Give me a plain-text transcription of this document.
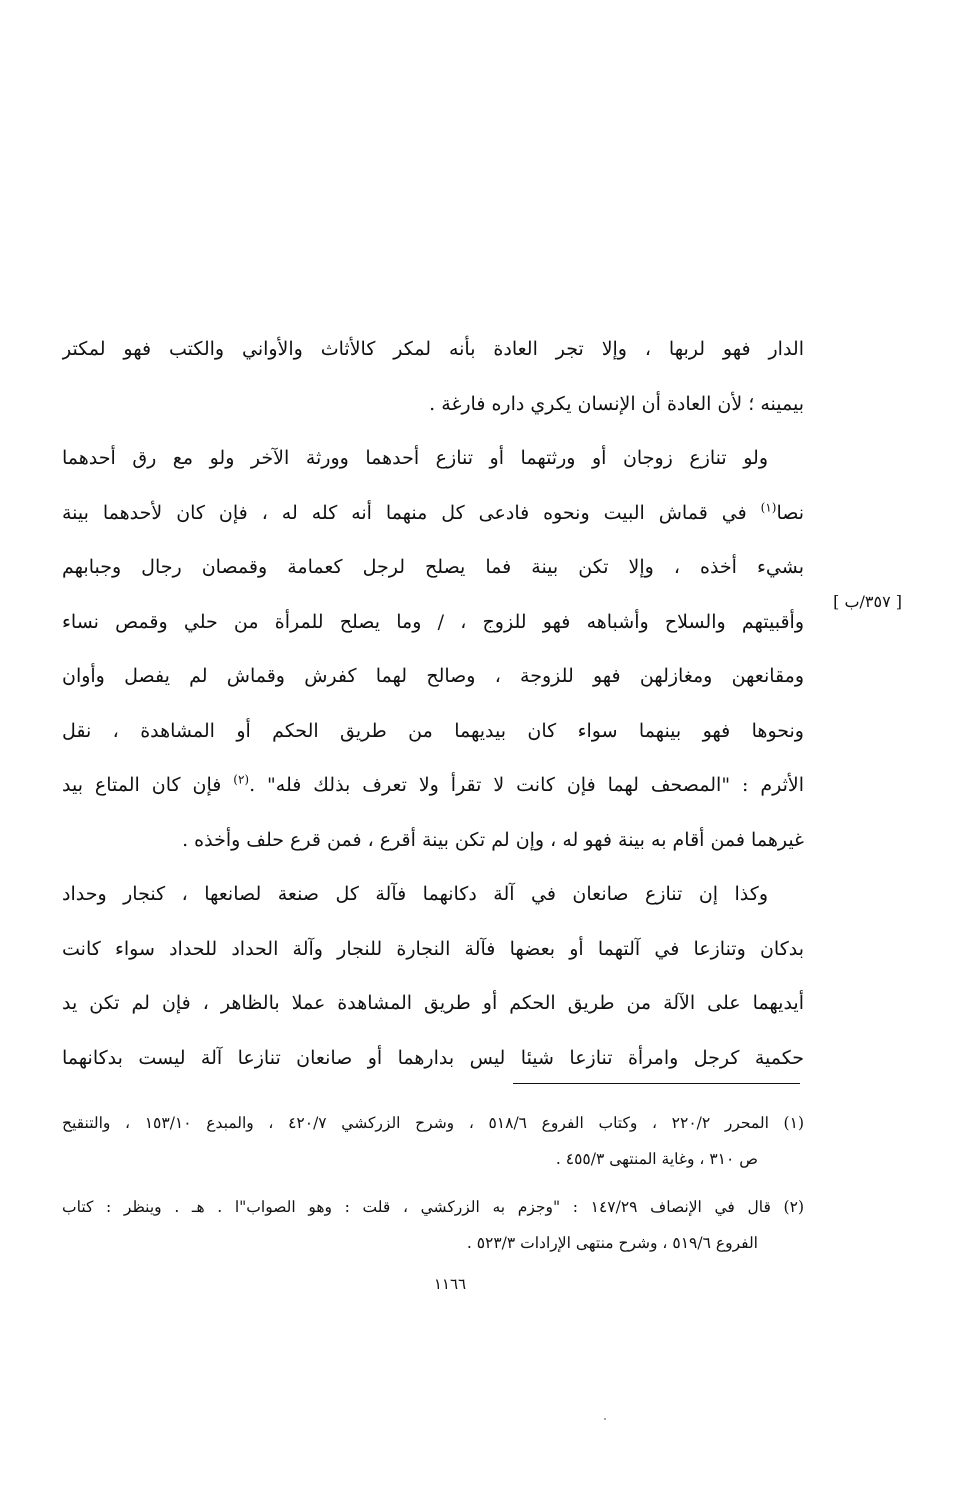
الدار فهو لربها ، وإلا تجر العادة بأنه لمكر كالأثاث والأواني والكتب فهو لمكتر
بيمينه ؛ لأن العادة أن الإنسان يكري داره فارغة .
ولو تنازع زوجان أو ورثتهما أو تنازع أحدهما وورثة الآخر ولو مع رق أحدهما
نصا$^{(١)}$ في قماش البيت ونحوه فادعى كل منهما أنه كله له ، فإن كان لأحدهما بينة
بشيء أخذه ، وإلا تكن بينة فما يصلح لرجل كعمامة وقمصان رجال وجبابهم
وأقبيتهم والسلاح وأشباهه فهو للزوج ، / وما يصلح للمرأة من حلي وقمص نساء
ومقانعهن ومغازلهن فهو للزوجة ، وصالح لهما كفرش وقماش لم يفصل وأوان
ونحوها فهو بينهما سواء كان بيديهما من طريق الحكم أو المشاهدة ، نقل
الأثرم : "المصحف لهما فإن كانت لا تقرأ ولا تعرف بذلك فله" .$^{(٢)}$ فإن كان المتاع بيد
غيرهما فمن أقام به بينة فهو له ، وإن لم تكن بينة أقرع ، فمن قرع حلف وأخذه .
وكذا إن تنازع صانعان في آلة دكانهما فآلة كل صنعة لصانعها ، كنجار وحداد
بدكان وتنازعا في آلتهما أو بعضها فآلة النجارة للنجار وآلة الحداد للحداد سواء كانت
أيديهما على الآلة من طريق الحكم أو طريق المشاهدة عملا بالظاهر ، فإن لم تكن يد
حكمية كرجل وامرأة تنازعا شيئا ليس بدارهما أو صانعان تنازعا آلة ليست بدكانهما
[ ٣٥٧/ب ]
(١) المحرر ٢٢٠/٢ ، وكتاب الفروع ٥١٨/٦ ، وشرح الزركشي ٤٢٠/٧ ، والمبدع ١٥٣/١٠ ، والتنقيح
ص ٣١٠ ، وغاية المنتهى ٤٥٥/٣ .
(٢) قال في الإنصاف ١٤٧/٢٩ : "وجزم به الزركشي ، قلت : وهو الصواب"ا . هـ . وينظر : كتاب
الفروع ٥١٩/٦ ، وشرح منتهى الإرادات ٥٢٣/٣ .
١١٦٦
